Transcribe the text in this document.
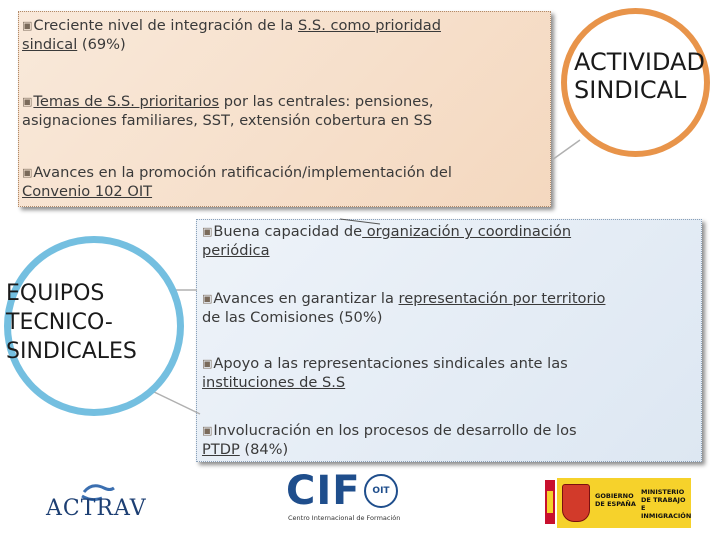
▣Creciente nivel de integración de la S.S. como prioridad
sindical (69%)
▣Temas de S.S. prioritarios por las centrales: pensiones,
asignaciones familiares, SST, extensión cobertura en SS
▣Avances en la promoción ratificación/implementación del
Convenio 102 OIT
▣Buena capacidad de organización y coordinación
periódica
▣Avances en garantizar la representación por territorio
de las Comisiones (50%)
▣Apoyo a las representaciones sindicales ante las
instituciones de S.S
▣Involucración en los procesos de desarrollo de los
PTDP (84%)
ACTIVIDAD
SINDICAL
EQUIPOS
TECNICO-
SINDICALES
ACTRAV	CIF OIT
Centro Internacional de Formación
GOBIERNO
DE ESPAÑA
MINISTERIO
DE TRABAJO
E INMIGRACIÓN
